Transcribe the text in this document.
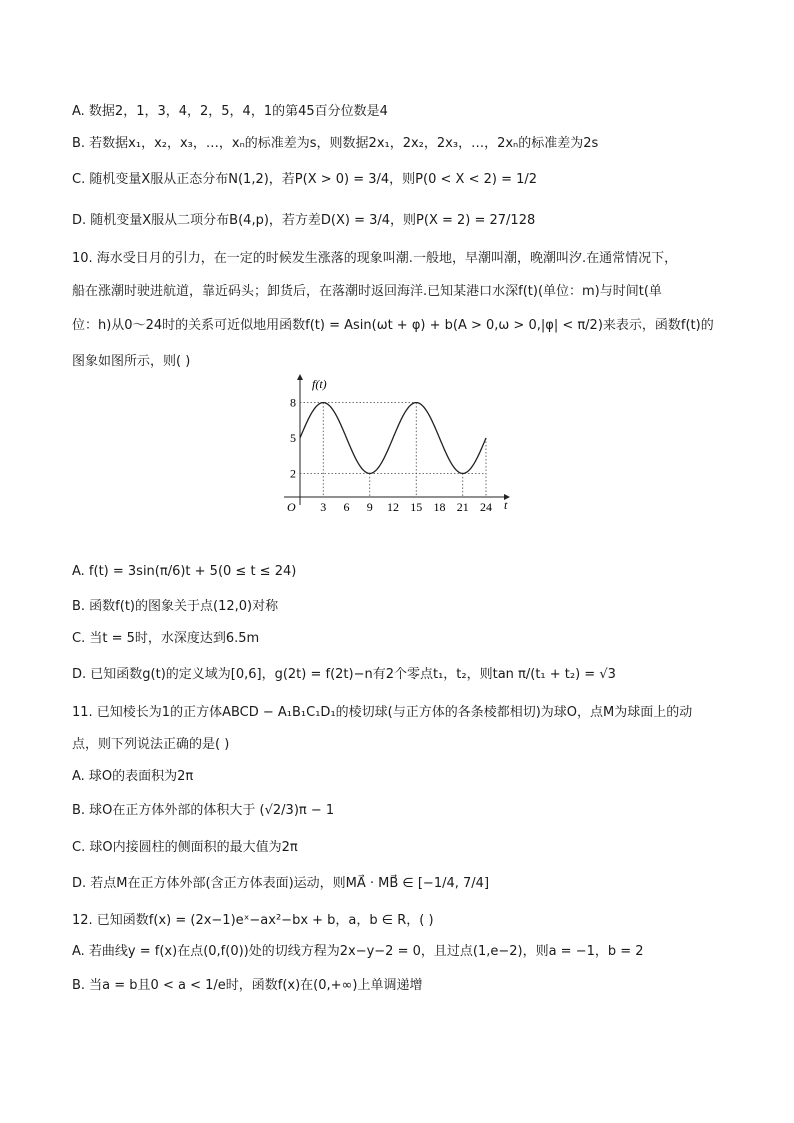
A. 数据2，1，3，4，2，5，4，1的第45百分位数是4
B. 若数据x₁，x₂，x₃，…，xₙ的标准差为s，则数据2x₁，2x₂，2x₃，…，2xₙ的标准差为2s
C. 随机变量X服从正态分布N(1,2)，若P(X > 0) = 3/4，则P(0 < X < 2) = 1/2
D. 随机变量X服从二项分布B(4,p)，若方差D(X) = 3/4，则P(X = 2) = 27/128
10. 海水受日月的引力，在一定的时候发生涨落的现象叫潮.一般地，早潮叫潮，晚潮叫汐.在通常情况下，
船在涨潮时驶进航道，靠近码头；卸货后，在落潮时返回海洋.已知某港口水深f(t)(单位：m)与时间t(单
位：h)从0～24时的关系可近似地用函数f(t) = Asin(ωt + φ) + b(A > 0,ω > 0,|φ| < π/2)来表示，函数f(t)的
图象如图所示，则( )
f(t)
t
O 3 6 9 12 15 18 21 24
2
5
8
A. f(t) = 3sin(π/6)t + 5(0 ≤ t ≤ 24)
B. 函数f(t)的图象关于点(12,0)对称
C. 当t = 5时，水深度达到6.5m
D. 已知函数g(t)的定义域为[0,6]，g(2t) = f(2t)−n有2个零点t₁，t₂，则tan π/(t₁ + t₂) = √3
11. 已知棱长为1的正方体ABCD − A₁B₁C₁D₁的棱切球(与正方体的各条棱都相切)为球O，点M为球面上的动
点，则下列说法正确的是( )
A. 球O的表面积为2π
B. 球O在正方体外部的体积大于 (√2/3)π − 1
C. 球O内接圆柱的侧面积的最大值为2π
D. 若点M在正方体外部(含正方体表面)运动，则MA⃗ · MB⃗ ∈ [−1/4, 7/4]
12. 已知函数f(x) = (2x−1)eˣ−ax²−bx + b，a，b ∈ R，( )
A. 若曲线y = f(x)在点(0,f(0))处的切线方程为2x−y−2 = 0，且过点(1,e−2)，则a = −1，b = 2
B. 当a = b且0 < a < 1/e时，函数f(x)在(0,+∞)上单调递增
